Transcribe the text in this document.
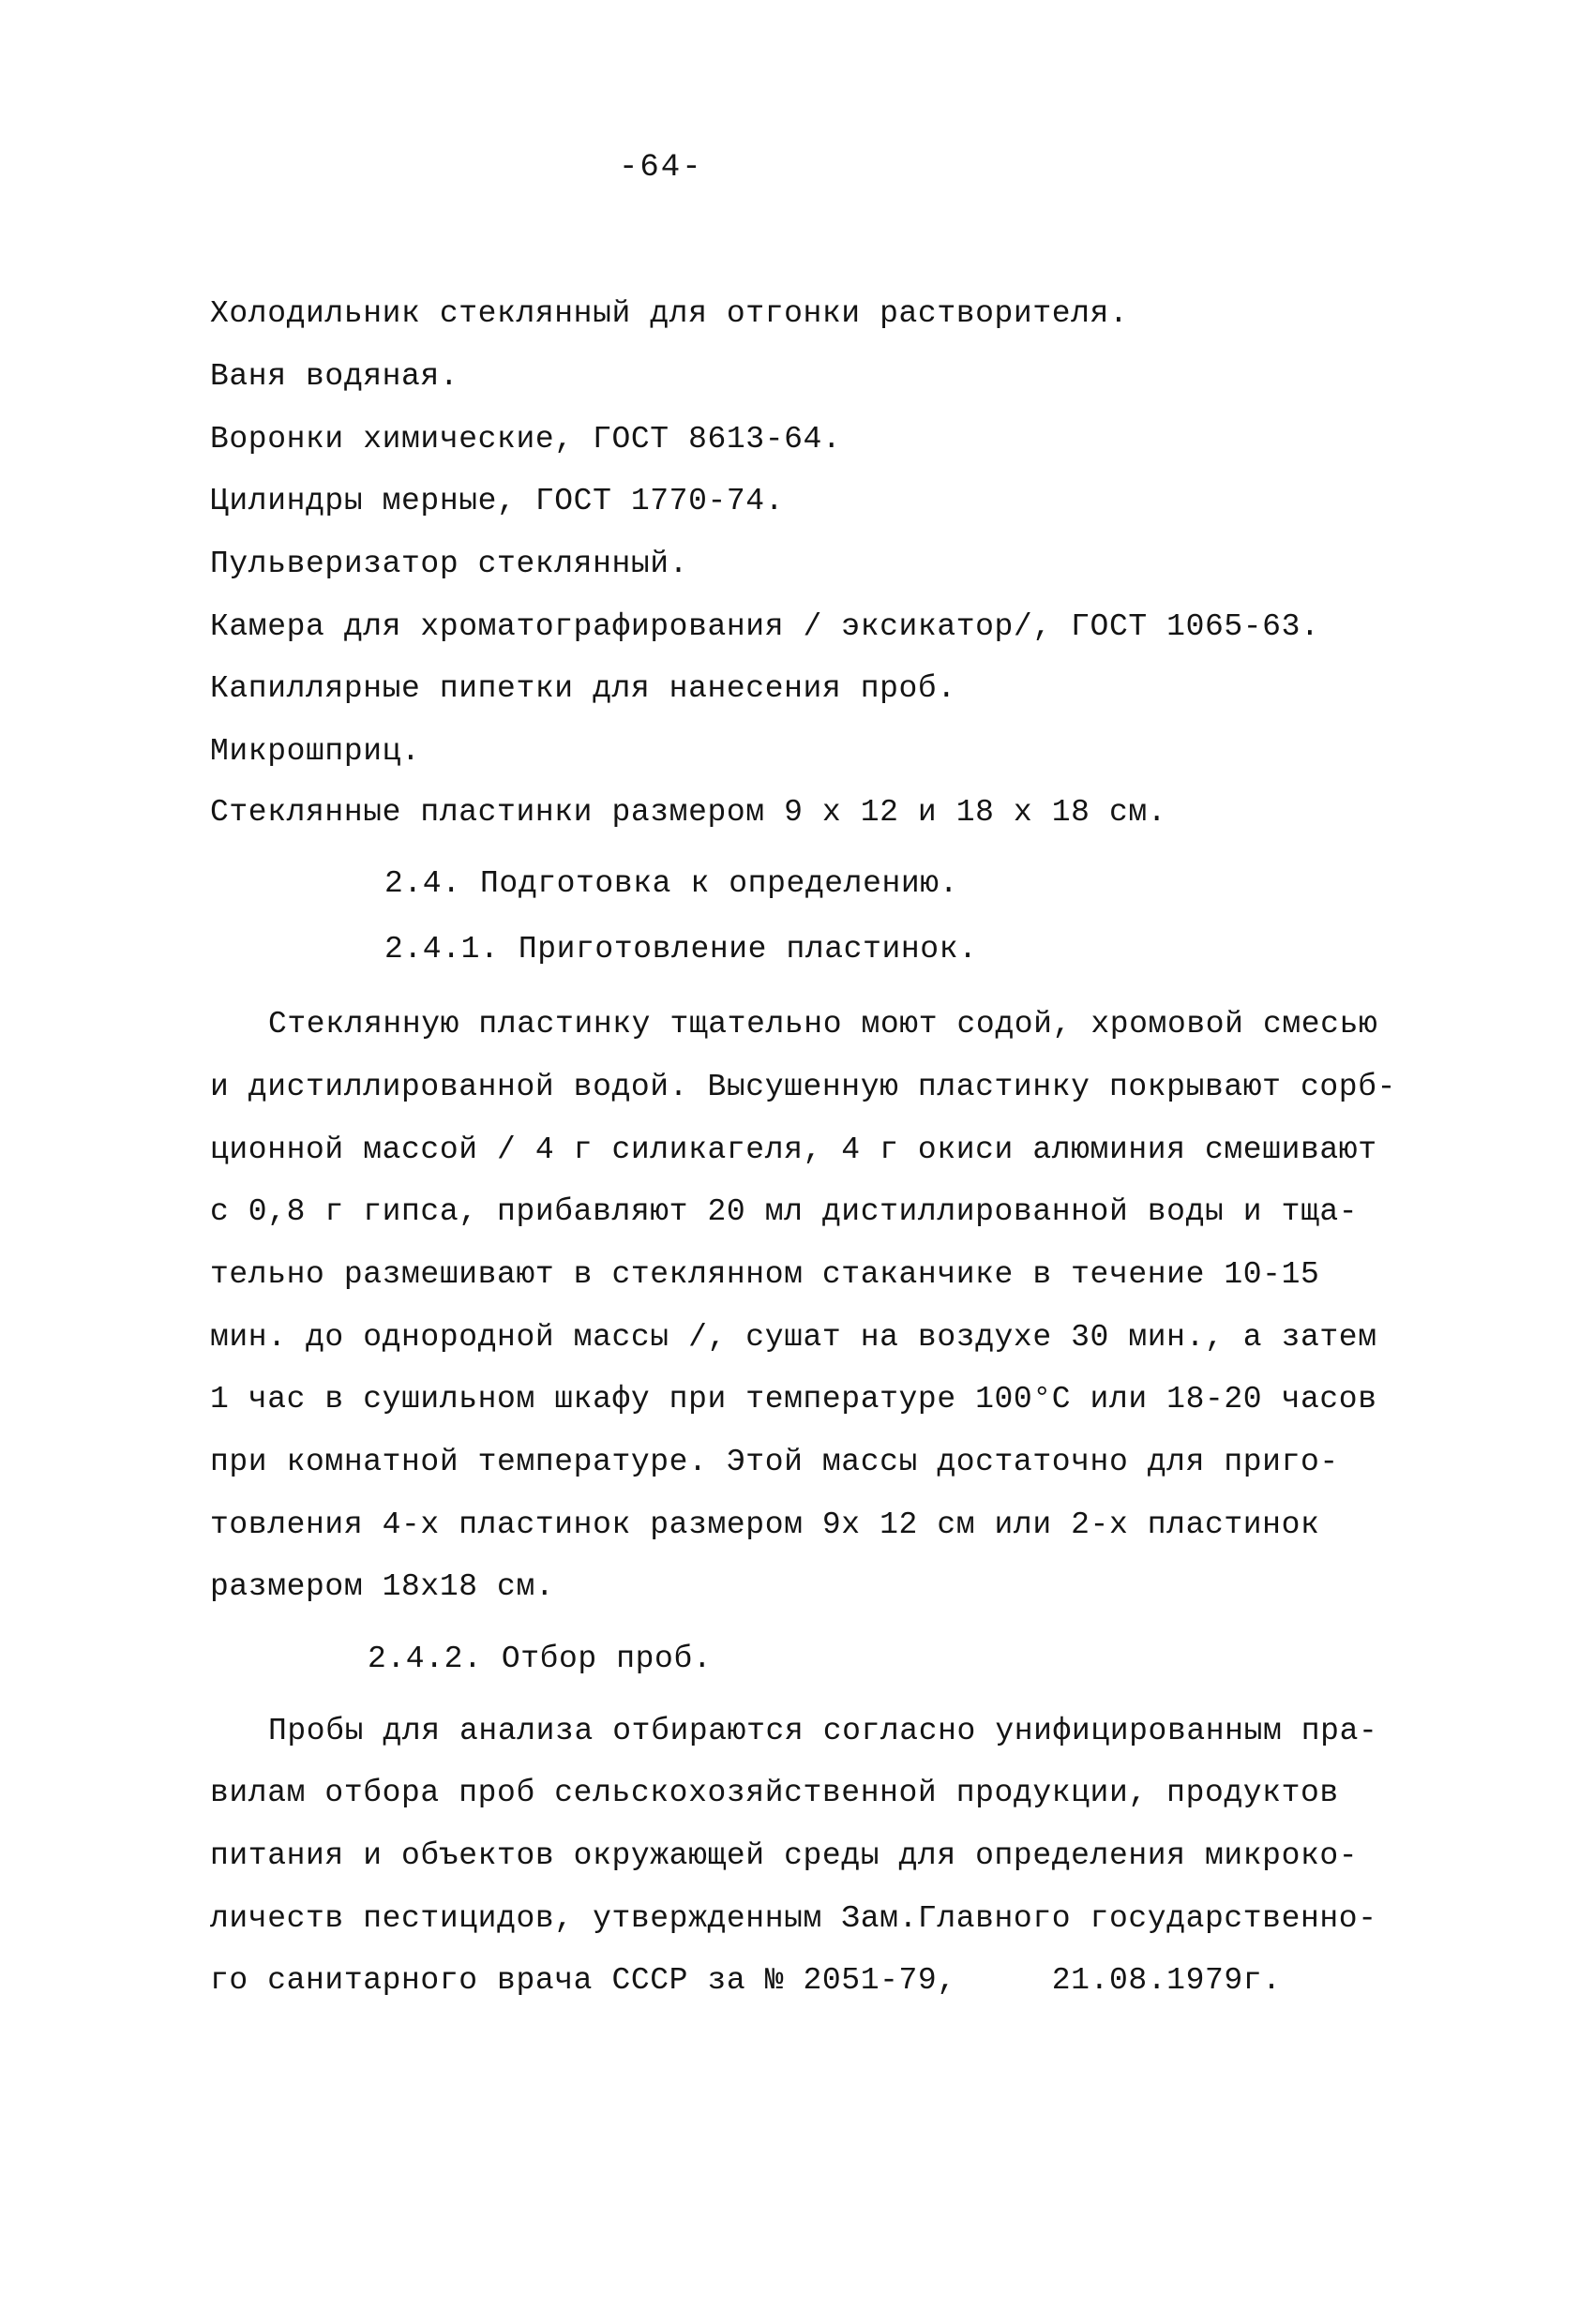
-64-
Холодильник стеклянный для отгонки растворителя.
Ваня водяная.
Воронки химические, ГОСТ 8613-64.
Цилиндры мерные, ГОСТ 1770-74.
Пульверизатор стеклянный.
Камера для хроматографирования / эксикатор/, ГОСТ 1065-63.
Капиллярные пипетки для нанесения проб.
Микрошприц.
Стеклянные пластинки размером 9 х 12 и 18 х 18 см.
2.4. Подготовка к определению.
2.4.1. Приготовление пластинок.
Стеклянную пластинку тщательно моют содой, хромовой смесью
и дистиллированной водой. Высушенную пластинку покрывают сорб-
ционной массой / 4 г силикагеля, 4 г окиси алюминия смешивают
с 0,8 г гипса, прибавляют 20 мл дистиллированной воды и тща-
тельно размешивают в стеклянном стаканчике в течение 10-15
мин. до однородной массы /, сушат на воздухе 30 мин., а затем
1 час в сушильном шкафу при температуре 100°С или 18-20 часов
при комнатной температуре. Этой массы достаточно для приго-
товления 4-х пластинок размером 9х 12 см или 2-х пластинок
размером 18х18 см.
2.4.2. Отбор проб.
Пробы для анализа отбираются согласно унифицированным пра-
вилам отбора проб сельскохозяйственной продукции, продуктов
питания и объектов окружающей среды для определения микроко-
личеств пестицидов, утвержденным Зам.Главного государственно-
го санитарного врача СССР за № 2051-79,     21.08.1979г.
